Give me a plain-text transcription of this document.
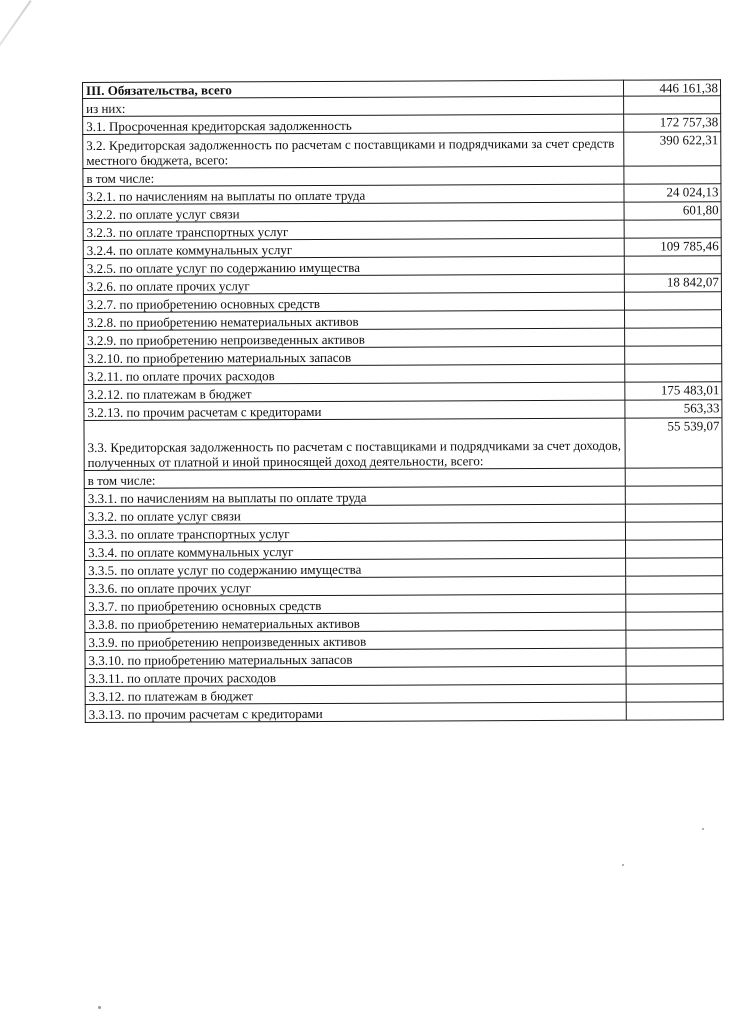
III. Обязательства, всего	446 161,38
из них:	
3.1. Просроченная кредиторская задолженность	172 757,38
3.2. Кредиторская задолженность по расчетам с поставщиками и подрядчиками за счет средств местного бюджета, всего:	390 622,31
в том числе:	
3.2.1. по начислениям на выплаты по оплате труда	24 024,13
3.2.2. по оплате услуг связи	601,80
3.2.3. по оплате транспортных услуг	
3.2.4. по оплате коммунальных услуг	109 785,46
3.2.5. по оплате услуг по содержанию имущества	
3.2.6. по оплате прочих услуг	18 842,07
3.2.7. по приобретению основных средств	
3.2.8. по приобретению нематериальных активов	
3.2.9. по приобретению непроизведенных активов	
3.2.10. по приобретению материальных запасов	
3.2.11. по оплате прочих расходов	
3.2.12. по платежам в бюджет	175 483,01
3.2.13. по прочим расчетам с кредиторами	563,33
3.3. Кредиторская задолженность по расчетам с поставщиками и подрядчиками за счет доходов, полученных от платной и иной приносящей доход деятельности, всего:	55 539,07
в том числе:	
3.3.1. по начислениям на выплаты по оплате труда	
3.3.2. по оплате услуг связи	
3.3.3. по оплате транспортных услуг	
3.3.4. по оплате коммунальных услуг	
3.3.5. по оплате услуг по содержанию имущества	
3.3.6. по оплате прочих услуг	
3.3.7. по приобретению основных средств	
3.3.8. по приобретению нематериальных активов	
3.3.9. по приобретению непроизведенных активов	
3.3.10. по приобретению материальных запасов	
3.3.11. по оплате прочих расходов	
3.3.12. по платежам в бюджет	
3.3.13. по прочим расчетам с кредиторами	
